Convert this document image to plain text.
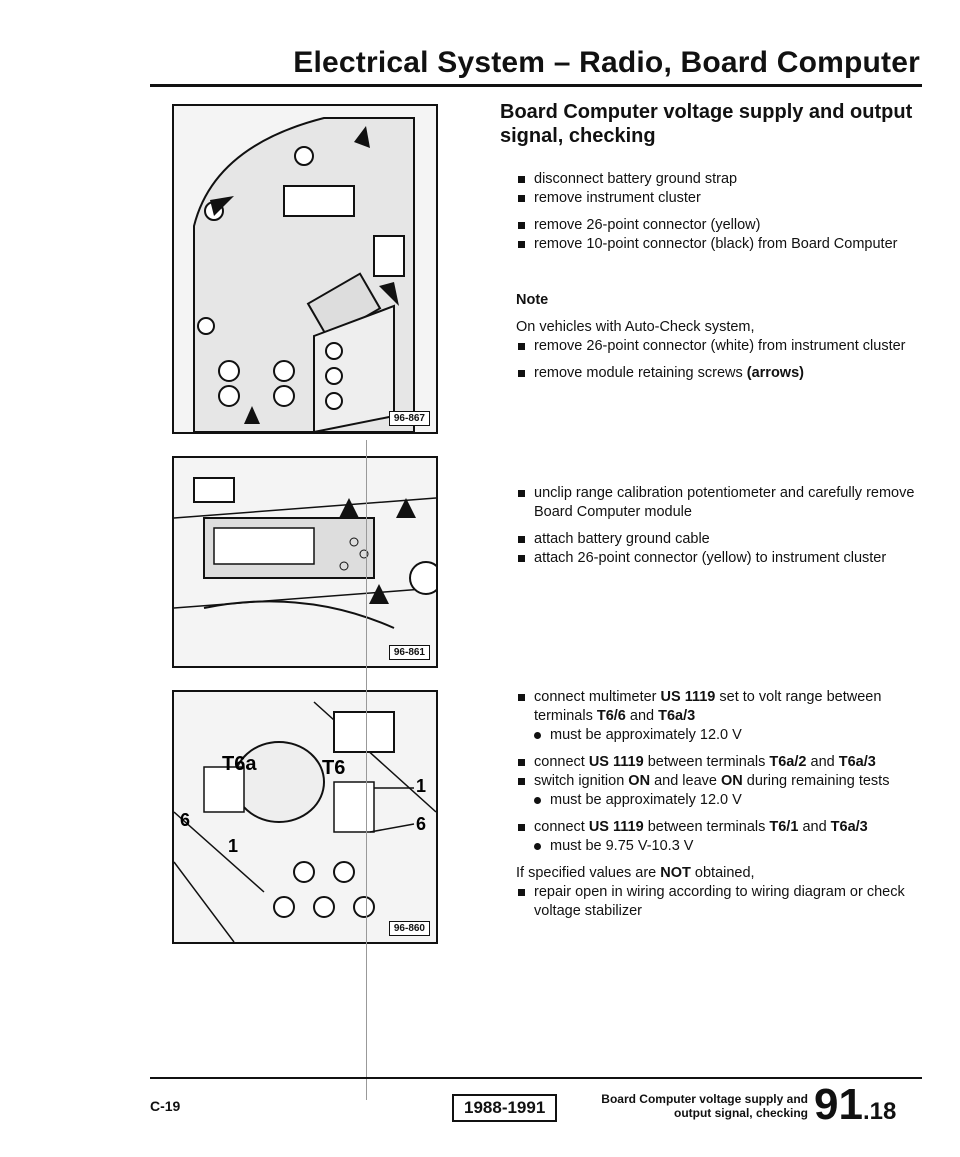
Electrical System – Radio, Board Computer
96-867
96-861
T6a	T6
1
6
6
1
96-860
Board Computer voltage supply and output signal, checking
disconnect battery ground strap
remove instrument cluster
remove 26-point connector (yellow)
remove 10-point connector (black) from Board Computer
Note
On vehicles with Auto-Check system,
remove 26-point connector (white) from instrument cluster
remove module retaining screws (arrows)
unclip range calibration potentiometer and carefully remove Board Computer module
attach battery ground cable
attach 26-point connector (yellow) to instrument cluster
connect multimeter US 1119 set to volt range between terminals T6/6 and T6a/3
must be approximately 12.0 V
connect US 1119 between terminals T6a/2 and T6a/3
switch ignition ON and leave ON during remaining tests
must be approximately 12.0 V
connect US 1119 between terminals T6/1 and T6a/3
must be 9.75 V-10.3 V
If specified values are NOT obtained,
repair open in wiring according to wiring diagram or check voltage stabilizer
C-19	1988-1991	Board Computer voltage supply and
output signal, checking 91.18
